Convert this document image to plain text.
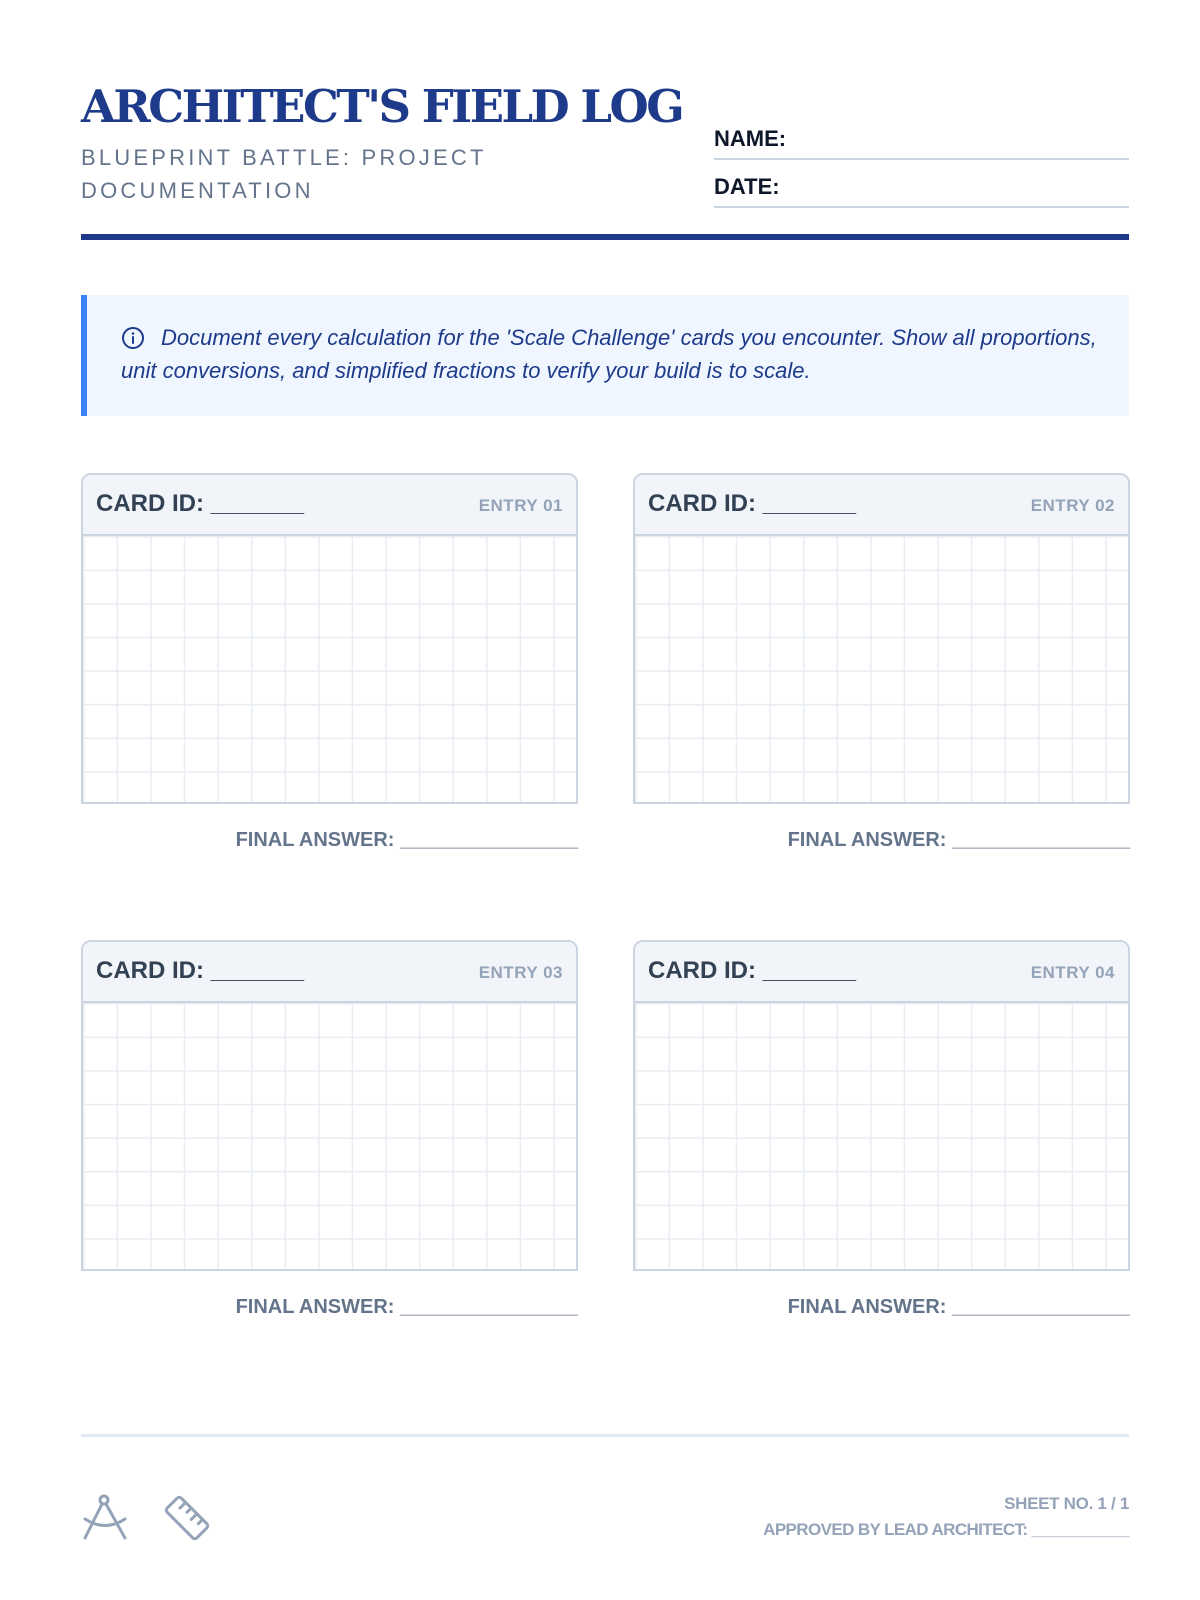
ARCHITECT'S FIELD LOG
BLUEPRINT BATTLE: PROJECT DOCUMENTATION
NAME:
DATE:
Document every calculation for the 'Scale Challenge' cards you encounter. Show all proportions, unit conversions, and simplified fractions to verify your build is to scale.
CARD ID: _______	ENTRY 01
FINAL ANSWER: ________________
CARD ID: _______	ENTRY 02
FINAL ANSWER: ________________
CARD ID: _______	ENTRY 03
FINAL ANSWER: ________________
CARD ID: _______	ENTRY 04
FINAL ANSWER: ________________
SHEET NO. 1 / 1
APPROVED BY LEAD ARCHITECT: ___________
